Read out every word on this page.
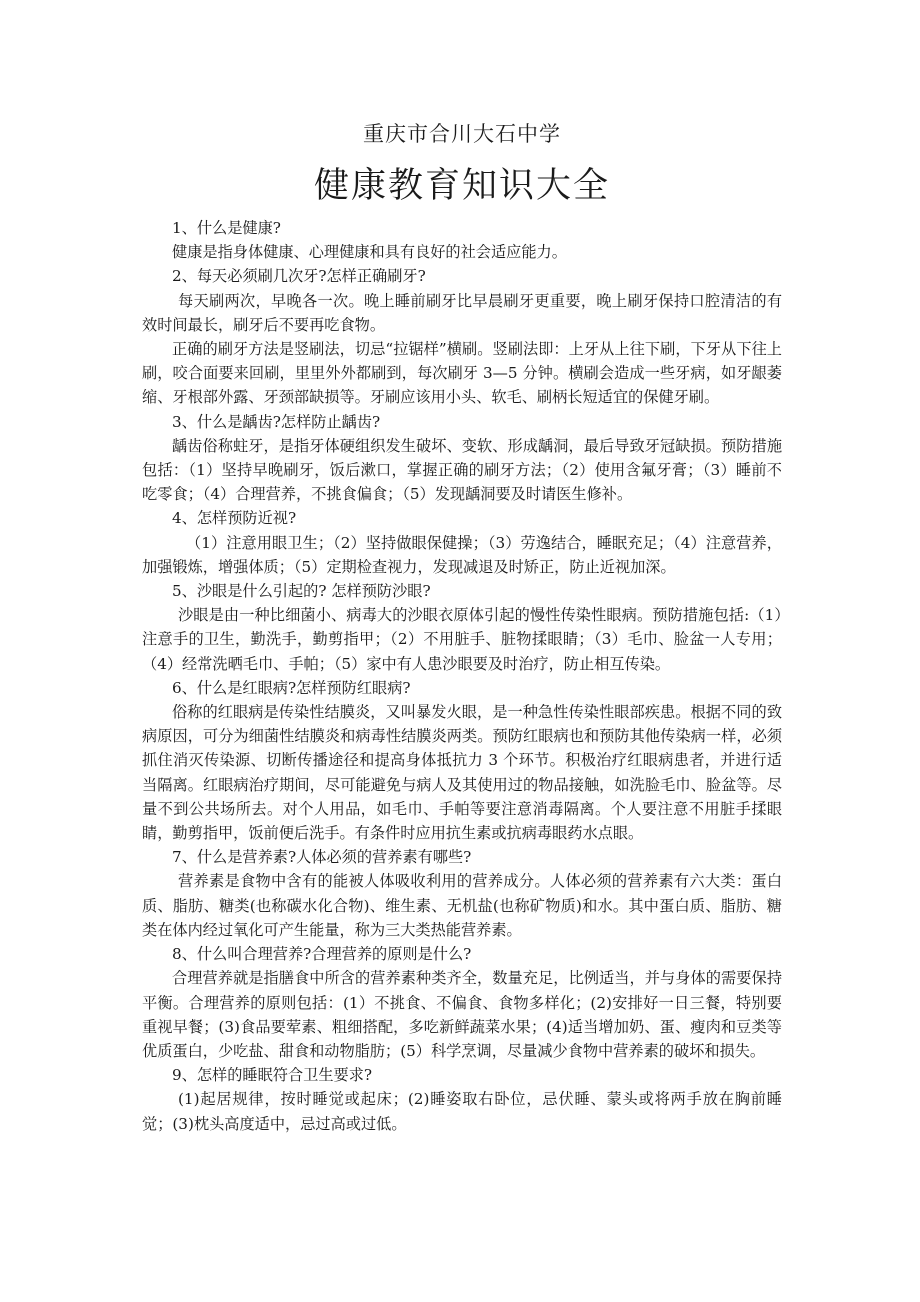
重庆市合川大石中学
健康教育知识大全

1、什么是健康?

健康是指身体健康、心理健康和具有良好的社会适应能力。

2、每天必须刷几次牙?怎样正确刷牙?

每天刷两次，早晚各一次。晚上睡前刷牙比早晨刷牙更重要，晚上刷牙保持口腔清洁的有效时间最长，刷牙后不要再吃食物。

正确的刷牙方法是竖刷法，切忌“拉锯样”横刷。竖刷法即：上牙从上往下刷，下牙从下往上刷，咬合面要来回刷，里里外外都刷到，每次刷牙 3—5 分钟。横刷会造成一些牙病，如牙龈萎缩、牙根部外露、牙颈部缺损等。牙刷应该用小头、软毛、刷柄长短适宜的保健牙刷。

3、什么是龋齿?怎样防止龋齿?

龋齿俗称蛀牙，是指牙体硬组织发生破坏、变软、形成龋洞，最后导致牙冠缺损。预防措施包括：（1）坚持早晚刷牙，饭后漱口，掌握正确的刷牙方法；（2）使用含氟牙膏；（3）睡前不吃零食；（4）合理营养，不挑食偏食；（5）发现龋洞要及时请医生修补。

4、怎样预防近视?

（1）注意用眼卫生；（2）坚持做眼保健操；（3）劳逸结合，睡眠充足；（4）注意营养，加强锻炼，增强体质；（5）定期检查视力，发现减退及时矫正，防止近视加深。

5、沙眼是什么引起的? 怎样预防沙眼?

沙眼是由一种比细菌小、病毒大的沙眼衣原体引起的慢性传染性眼病。预防措施包括:（1）注意手的卫生，勤洗手，勤剪指甲；（2）不用脏手、脏物揉眼睛；（3）毛巾、脸盆一人专用；（4）经常洗晒毛巾、手帕；（5）家中有人患沙眼要及时治疗，防止相互传染。

6、什么是红眼病?怎样预防红眼病?

俗称的红眼病是传染性结膜炎，又叫暴发火眼，是一种急性传染性眼部疾患。根据不同的致病原因，可分为细菌性结膜炎和病毒性结膜炎两类。预防红眼病也和预防其他传染病一样，必须抓住消灭传染源、切断传播途径和提高身体抵抗力 3 个环节。积极治疗红眼病患者，并进行适当隔离。红眼病治疗期间，尽可能避免与病人及其使用过的物品接触，如洗脸毛巾、脸盆等。尽量不到公共场所去。对个人用品，如毛巾、手帕等要注意消毒隔离。个人要注意不用脏手揉眼睛，勤剪指甲，饭前便后洗手。有条件时应用抗生素或抗病毒眼药水点眼。

7、什么是营养素?人体必须的营养素有哪些?

营养素是食物中含有的能被人体吸收利用的营养成分。人体必须的营养素有六大类：蛋白质、脂肪、糖类(也称碳水化合物)、维生素、无机盐(也称矿物质)和水。其中蛋白质、脂肪、糖类在体内经过氧化可产生能量，称为三大类热能营养素。

8、什么叫合理营养?合理营养的原则是什么?

合理营养就是指膳食中所含的营养素种类齐全，数量充足，比例适当，并与身体的需要保持平衡。合理营养的原则包括：(1）不挑食、不偏食、食物多样化；(2)安排好一日三餐，特别要重视早餐；(3)食品要荤素、粗细搭配，多吃新鲜蔬菜水果；(4)适当增加奶、蛋、瘦肉和豆类等优质蛋白，少吃盐、甜食和动物脂肪；(5）科学烹调，尽量减少食物中营养素的破坏和损失。

9、怎样的睡眠符合卫生要求?

(1)起居规律，按时睡觉或起床；(2)睡姿取右卧位，忌伏睡、蒙头或将两手放在胸前睡觉；(3)枕头高度适中，忌过高或过低。
